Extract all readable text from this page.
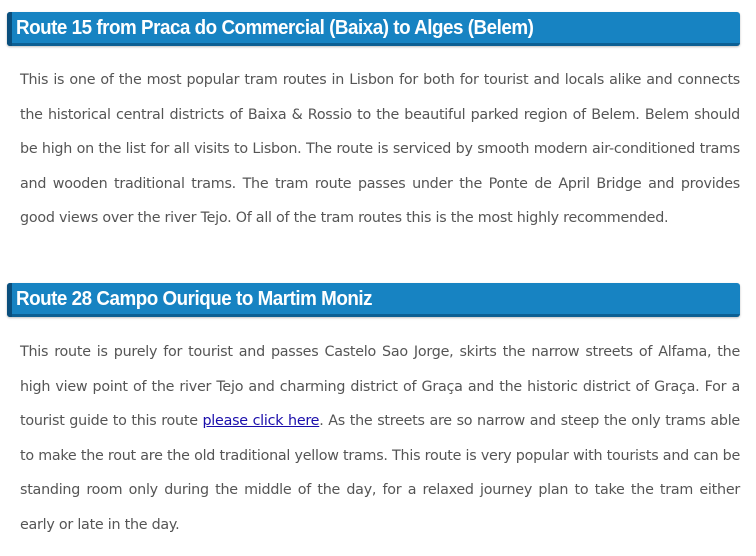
Route 15 from Praca do Commercial (Baixa) to Alges (Belem)

This is one of the most popular tram routes in Lisbon for both for tourist and locals alike and connects the historical central districts of Baixa & Rossio to the beautiful parked region of Belem. Belem should be high on the list for all visits to Lisbon. The route is serviced by smooth modern air-conditioned trams and wooden traditional trams. The tram route passes under the Ponte de April Bridge and provides good views over the river Tejo. Of all of the tram routes this is the most highly recommended.

Route 28 Campo Ourique to Martim Moniz

This route is purely for tourist and passes Castelo Sao Jorge, skirts the narrow streets of Alfama, the high view point of the river Tejo and charming district of Graça and the historic district of Graça. For a tourist guide to this route please click here. As the streets are so narrow and steep the only trams able to make the rout are the old traditional yellow trams. This route is very popular with tourists and can be standing room only during the middle of the day, for a relaxed journey plan to take the tram either early or late in the day.
